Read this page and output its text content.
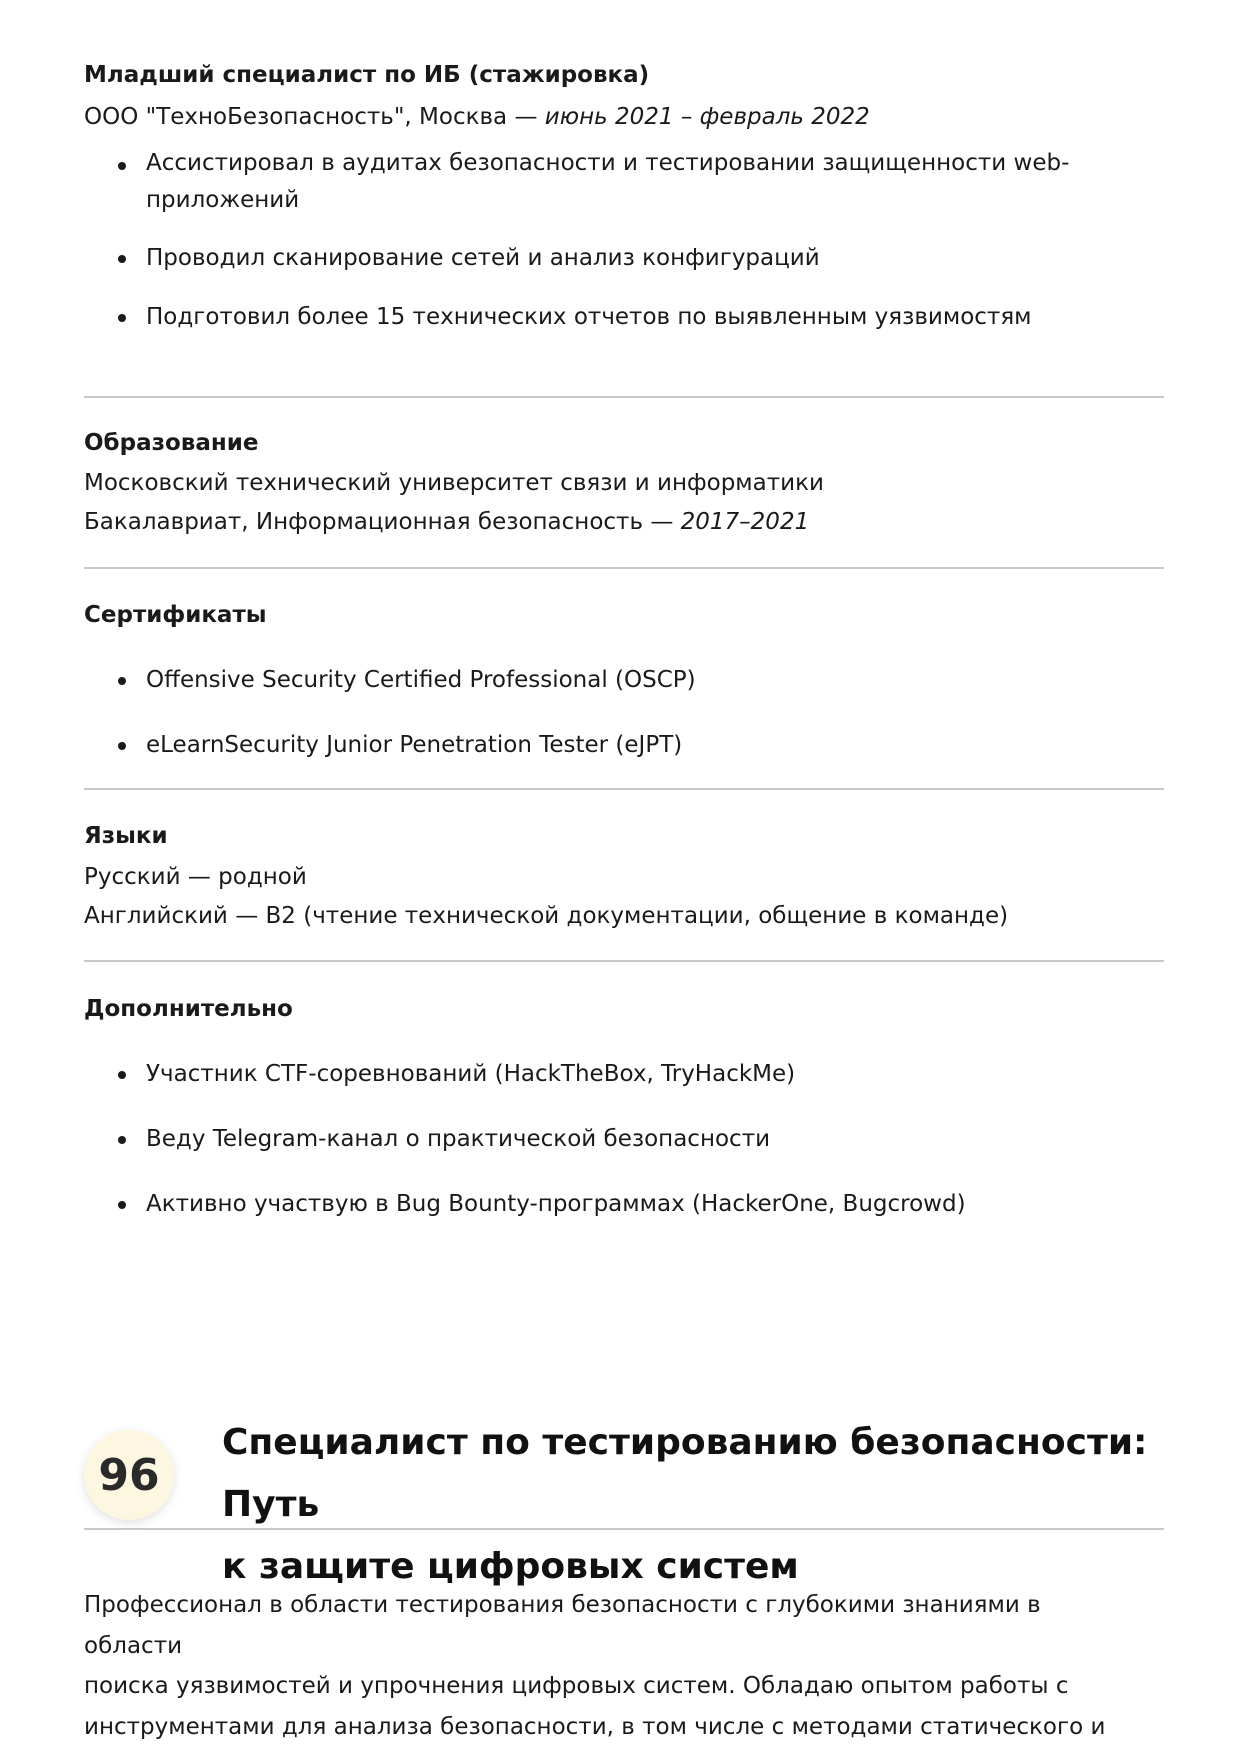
Младший специалист по ИБ (стажировка)
ООО "ТехноБезопасность", Москва — июнь 2021 – февраль 2022
Ассистировал в аудитах безопасности и тестировании защищенности web-
приложений
Проводил сканирование сетей и анализ конфигураций
Подготовил более 15 технических отчетов по выявленным уязвимостям
Образование
Московский технический университет связи и информатики
Бакалавриат, Информационная безопасность — 2017–2021
Сертификаты
Offensive Security Certified Professional (OSCP)
eLearnSecurity Junior Penetration Tester (eJPT)
Языки
Русский — родной
Английский — B2 (чтение технической документации, общение в команде)
Дополнительно
Участник CTF-соревнований (HackTheBox, TryHackMe)
Веду Telegram-канал о практической безопасности
Активно участвую в Bug Bounty-программах (HackerOne, Bugcrowd)
96
Специалист по тестированию безопасности: Путь
к защите цифровых систем
Профессионал в области тестирования безопасности с глубокими знаниями в области
поиска уязвимостей и упрочнения цифровых систем. Обладаю опытом работы с
инструментами для анализа безопасности, в том числе с методами статического и
